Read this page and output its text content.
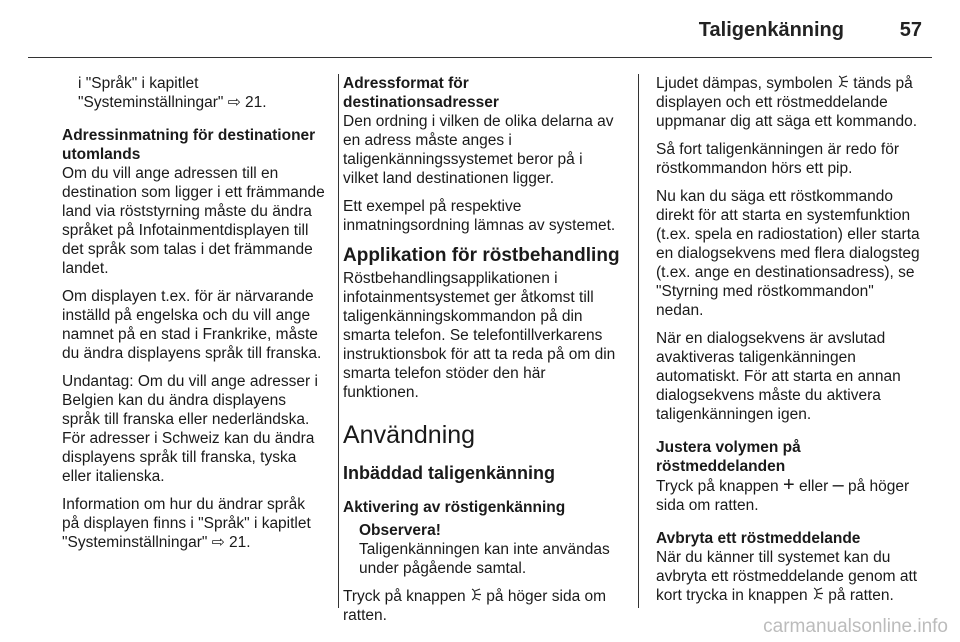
Taligenkänning	57

i "Språk" i kapitlet "Systeminställningar" ⇨ 21.

Adressinmatning för destinationer utomlands

Om du vill ange adressen till en destination som ligger i ett främmande land via röststyrning måste du ändra språket på Infotainmentdisplayen till det språk som talas i det främmande landet.

Om displayen t.ex. för är närvarande inställd på engelska och du vill ange namnet på en stad i Frankrike, måste du ändra displayens språk till franska.

Undantag: Om du vill ange adresser i Belgien kan du ändra displayens språk till franska eller nederländska. För adresser i Schweiz kan du ändra displayens språk till franska, tyska eller italienska.

Information om hur du ändrar språk på displayen finns i "Språk" i kapitlet "Systeminställningar" ⇨ 21.

Adressformat för destinationsadresser

Den ordning i vilken de olika delarna av en adress måste anges i taligenkänningssystemet beror på i vilket land destinationen ligger.

Ett exempel på respektive inmatningsordning lämnas av systemet.

Applikation för röstbehandling

Röstbehandlingsapplikationen i infotainmentsystemet ger åtkomst till taligenkänningskommandon på din smarta telefon. Se telefontillverkarens instruktionsbok för att ta reda på om din smarta telefon stöder den här funktionen.

Användning
Inbäddad taligenkänning

Aktivering av röstigenkänning

Observera!
Taligenkänningen kan inte användas under pågående samtal.

Tryck på knappen på höger sida om ratten.

Ljudet dämpas, symbolen tänds på displayen och ett röstmeddelande uppmanar dig att säga ett kommando.

Så fort taligenkänningen är redo för röstkommandon hörs ett pip.

Nu kan du säga ett röstkommando direkt för att starta en systemfunktion (t.ex. spela en radiostation) eller starta en dialogsekvens med flera dialogsteg (t.ex. ange en destinationsadress), se "Styrning med röstkommandon" nedan.

När en dialogsekvens är avslutad avaktiveras taligenkänningen automatiskt. För att starta en annan dialogsekvens måste du aktivera taligenkänningen igen.

Justera volymen på röstmeddelanden

Tryck på knappen + eller – på höger sida om ratten.

Avbryta ett röstmeddelande

När du känner till systemet kan du avbryta ett röstmeddelande genom att kort trycka in knappen på ratten.

carmanualsonline.info
